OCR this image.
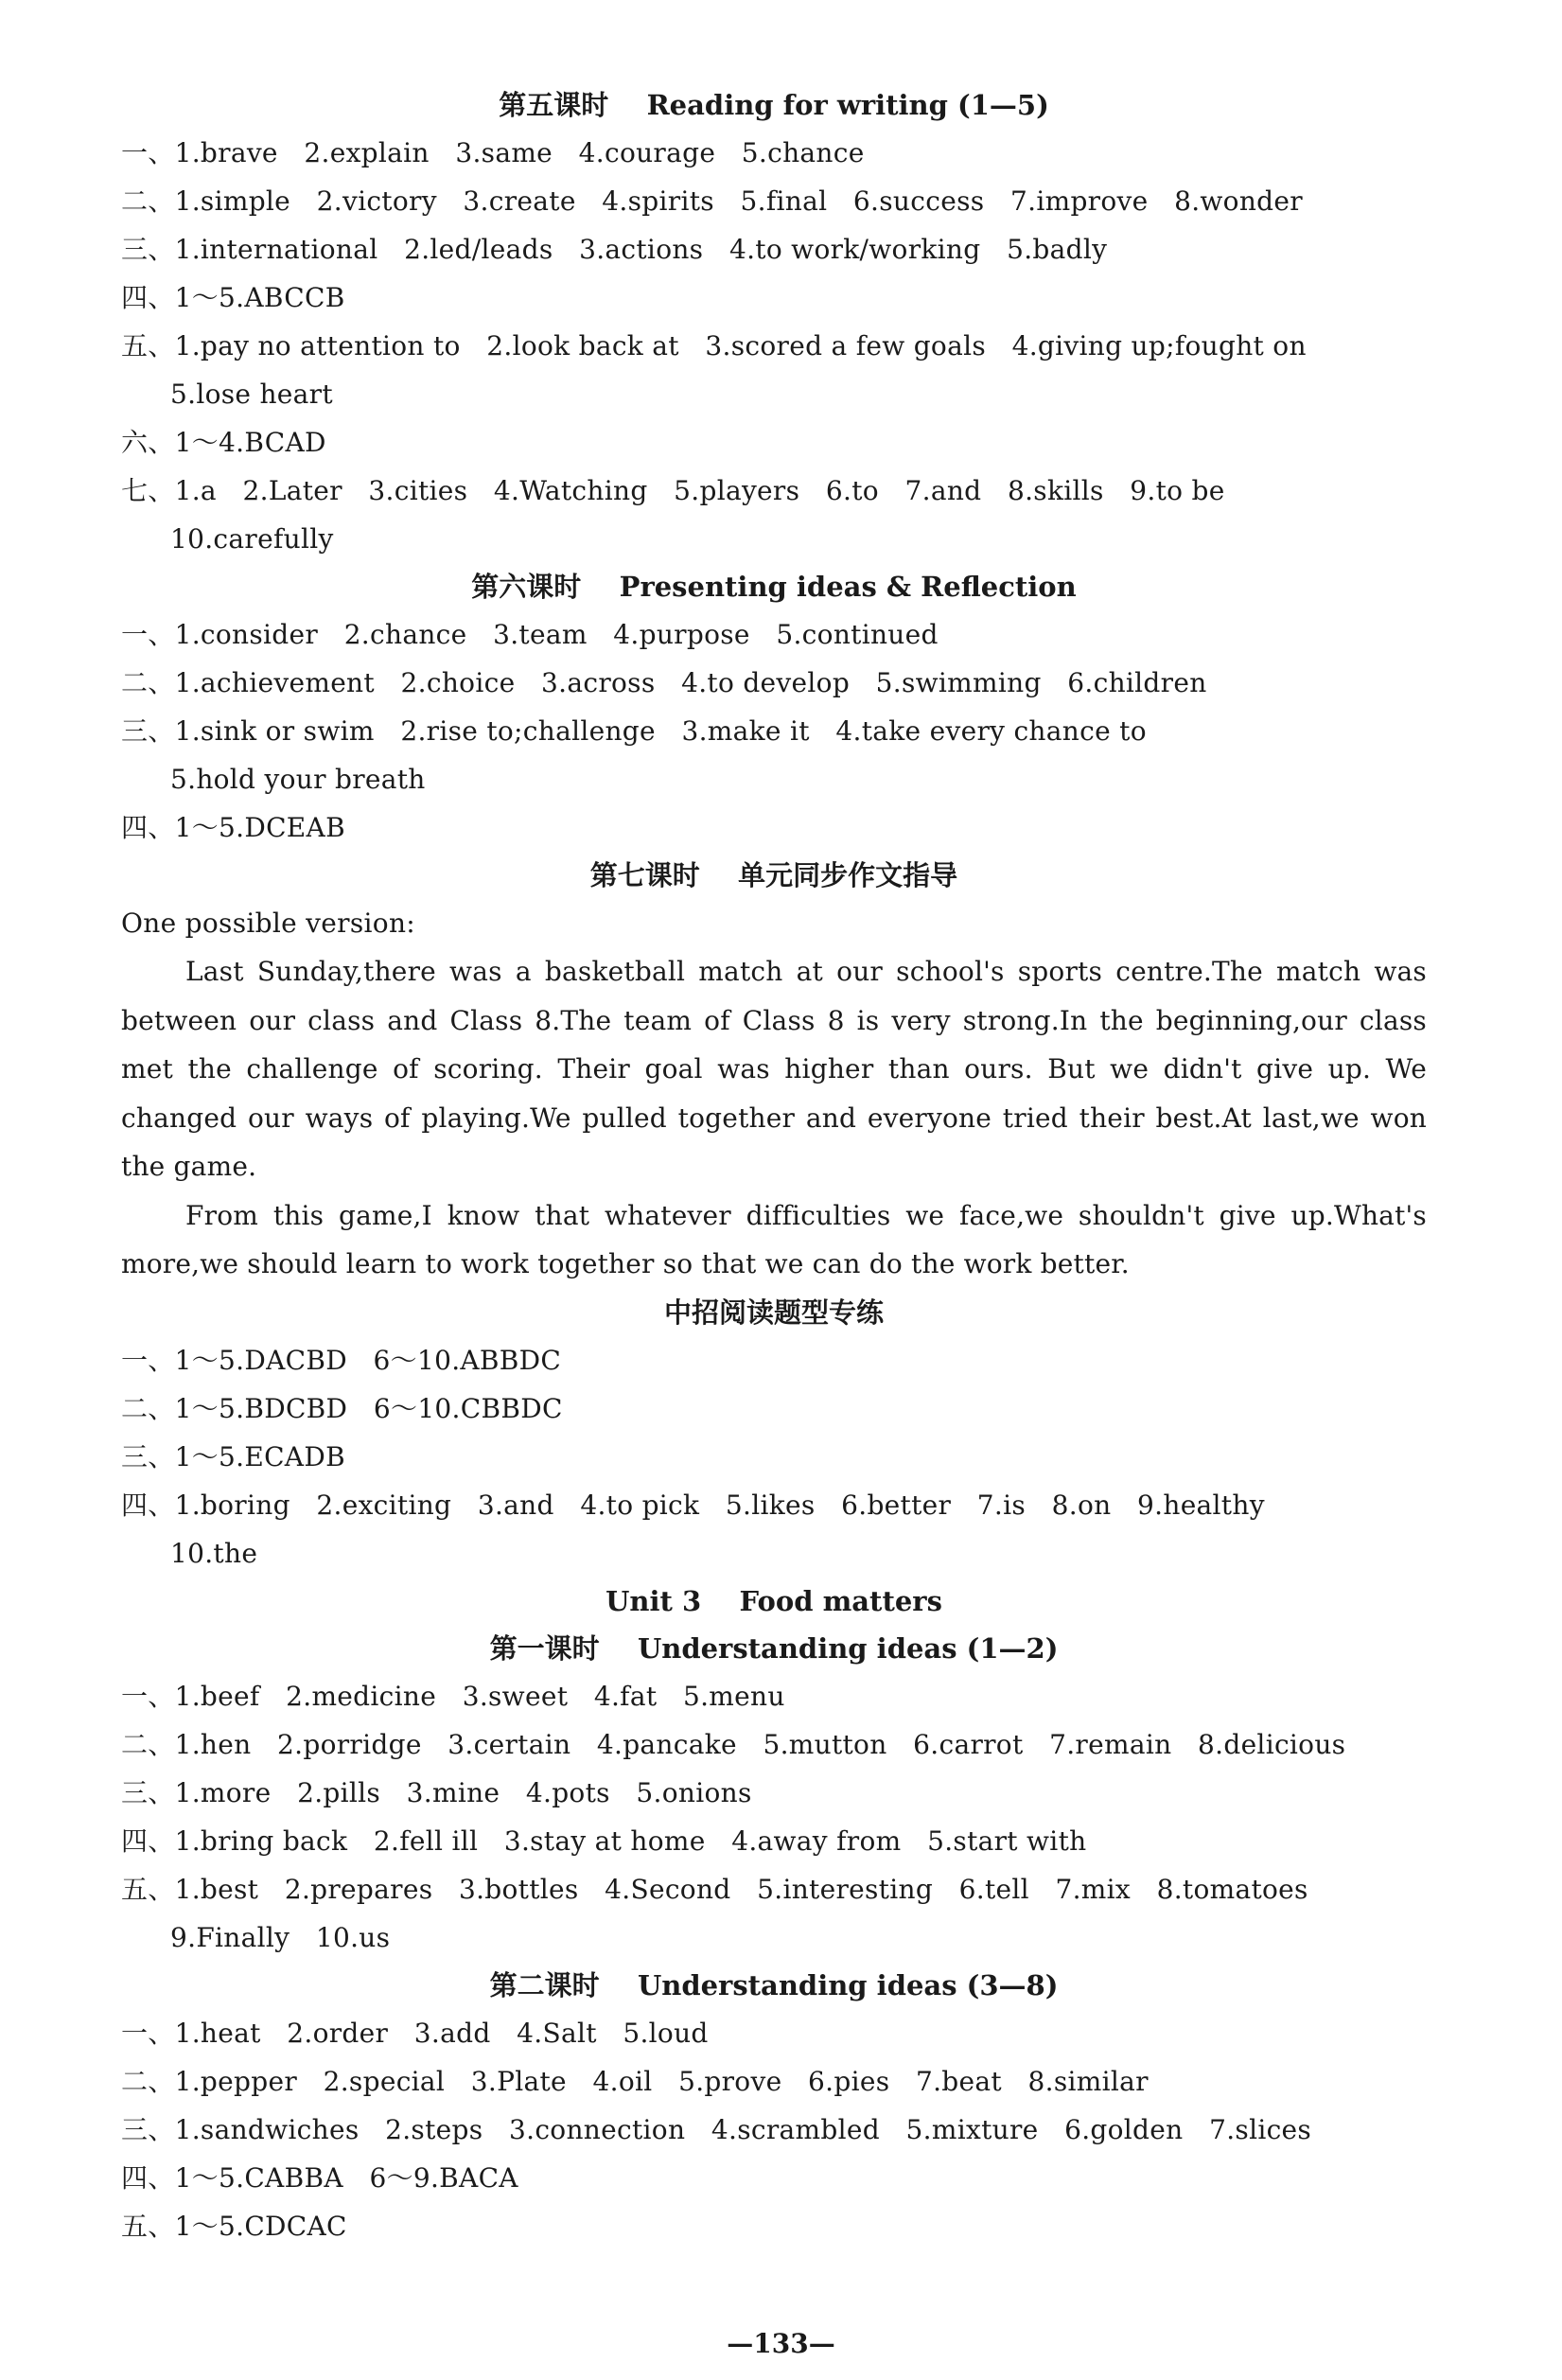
第五课时    Reading for writing (1—5)
一、1.brave   2.explain   3.same   4.courage   5.chance
二、1.simple   2.victory   3.create   4.spirits   5.final   6.success   7.improve   8.wonder
三、1.international   2.led/leads   3.actions   4.to work/working   5.badly
四、1～5.ABCCB
五、1.pay no attention to   2.look back at   3.scored a few goals   4.giving up;fought on
5.lose heart
六、1～4.BCAD
七、1.a   2.Later   3.cities   4.Watching   5.players   6.to   7.and   8.skills   9.to be
10.carefully
第六课时    Presenting ideas & Reflection
一、1.consider   2.chance   3.team   4.purpose   5.continued
二、1.achievement   2.choice   3.across   4.to develop   5.swimming   6.children
三、1.sink or swim   2.rise to;challenge   3.make it   4.take every chance to
5.hold your breath
四、1～5.DCEAB
第七课时    单元同步作文指导
One possible version:
Last Sunday,there was a basketball match at our school's sports centre.The match was between our class and Class 8.The team of Class 8 is very strong.In the beginning,our class met the challenge of scoring. Their goal was higher than ours. But we didn't give up. We changed our ways of playing.We pulled together and everyone tried their best.At last,we won the game.
From this game,I know that whatever difficulties we face,we shouldn't give up.What's more,we should learn to work together so that we can do the work better.
中招阅读题型专练
一、1～5.DACBD   6～10.ABBDC
二、1～5.BDCBD   6～10.CBBDC
三、1～5.ECADB
四、1.boring   2.exciting   3.and   4.to pick   5.likes   6.better   7.is   8.on   9.healthy
10.the
Unit 3    Food matters
第一课时    Understanding ideas (1—2)
一、1.beef   2.medicine   3.sweet   4.fat   5.menu
二、1.hen   2.porridge   3.certain   4.pancake   5.mutton   6.carrot   7.remain   8.delicious
三、1.more   2.pills   3.mine   4.pots   5.onions
四、1.bring back   2.fell ill   3.stay at home   4.away from   5.start with
五、1.best   2.prepares   3.bottles   4.Second   5.interesting   6.tell   7.mix   8.tomatoes
9.Finally   10.us
第二课时    Understanding ideas (3—8)
一、1.heat   2.order   3.add   4.Salt   5.loud
二、1.pepper   2.special   3.Plate   4.oil   5.prove   6.pies   7.beat   8.similar
三、1.sandwiches   2.steps   3.connection   4.scrambled   5.mixture   6.golden   7.slices
四、1～5.CABBA   6～9.BACA
五、1～5.CDCAC
—133—
